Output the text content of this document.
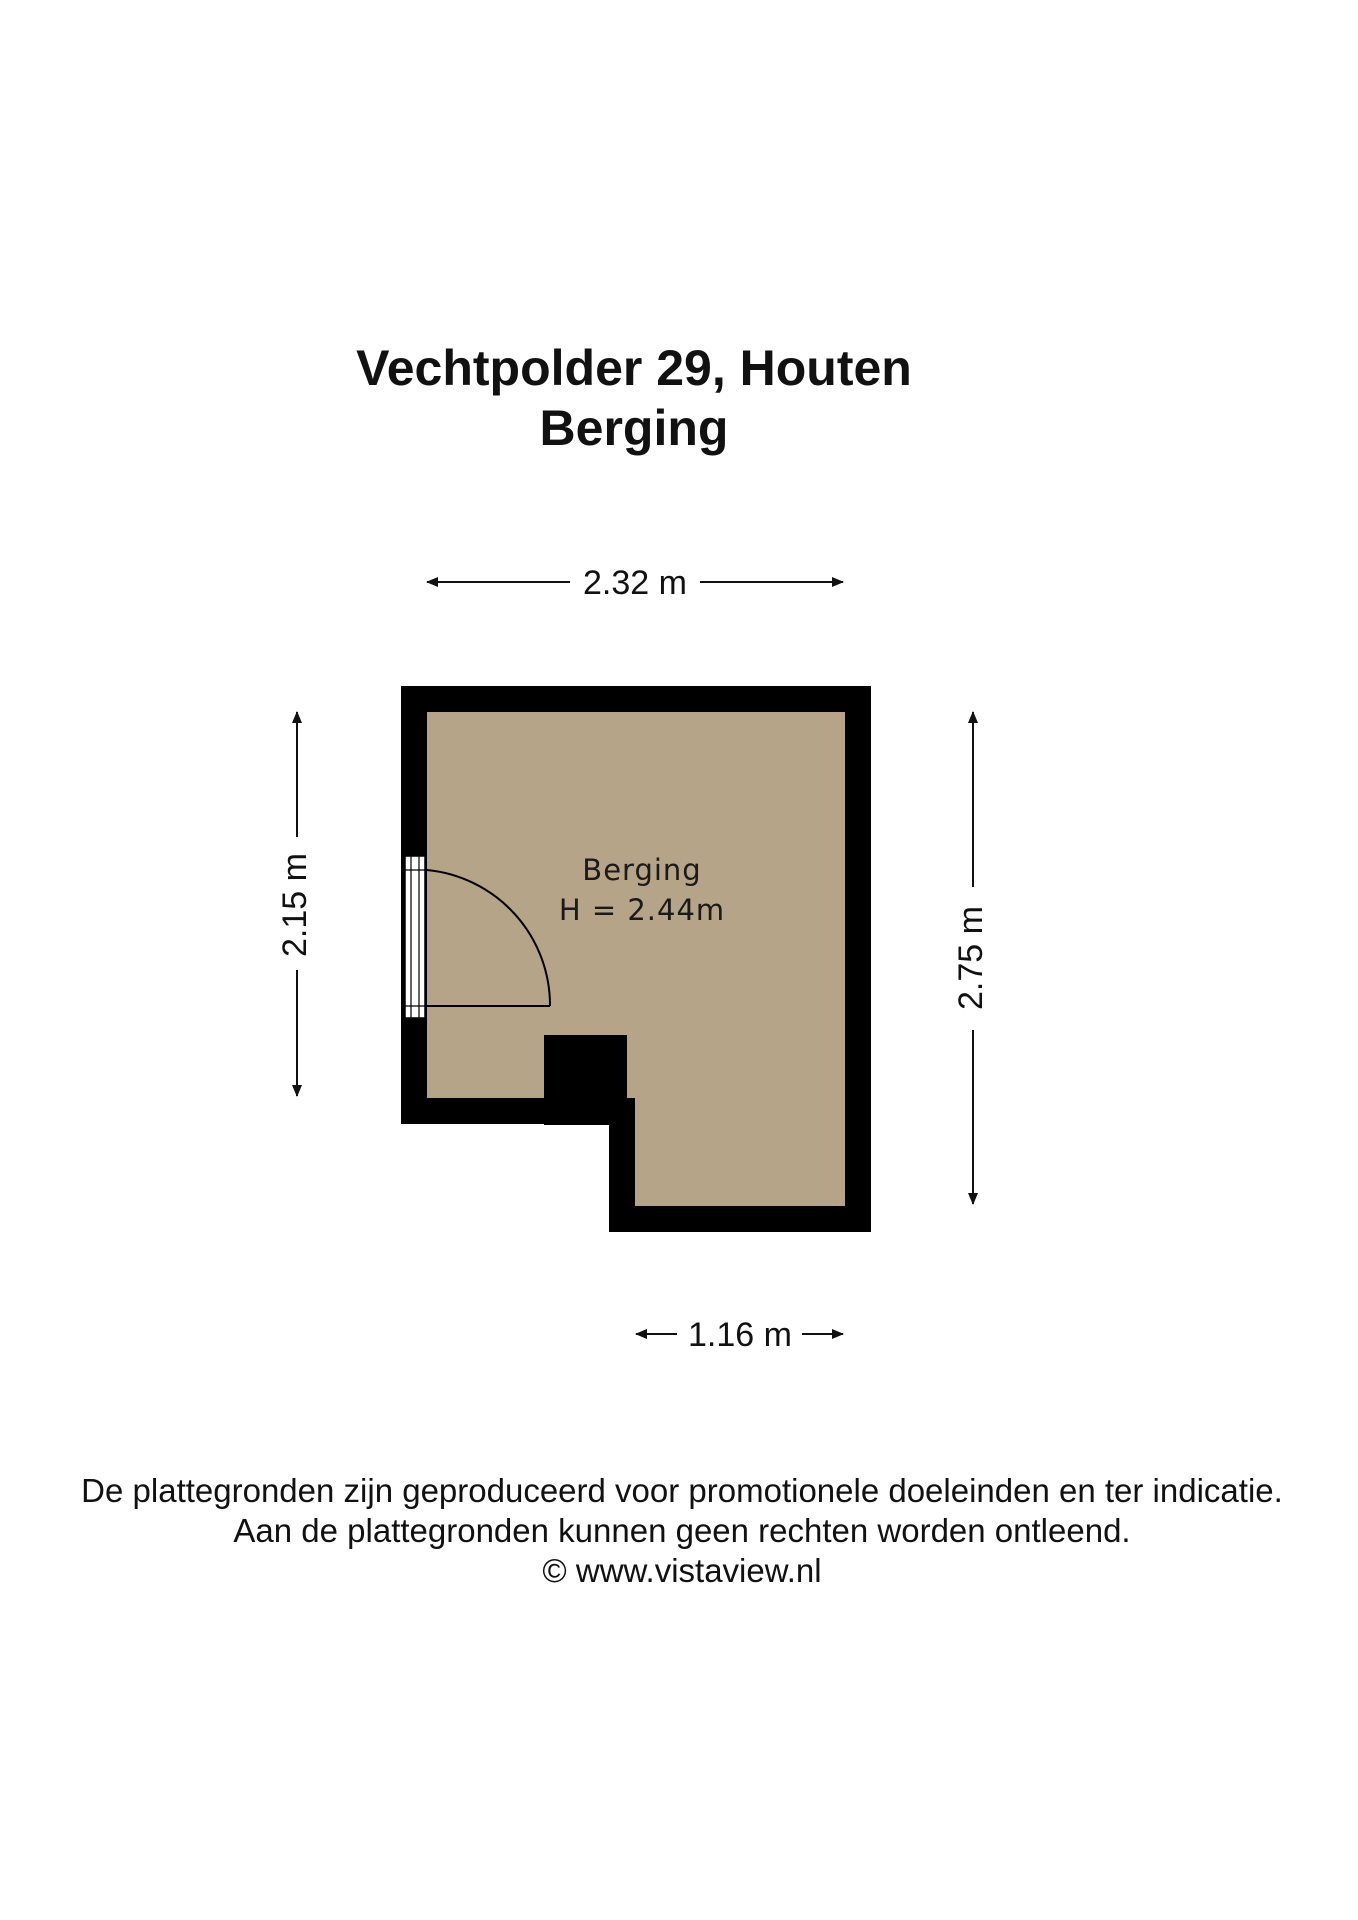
Vechtpolder 29, Houten
Berging
2.32 m
2.15 m
2.75 m
1.16 m
Berging
H = 2.44m
De plattegronden zijn geproduceerd voor promotionele doeleinden en ter indicatie.
Aan de plattegronden kunnen geen rechten worden ontleend.
© www.vistaview.nl
